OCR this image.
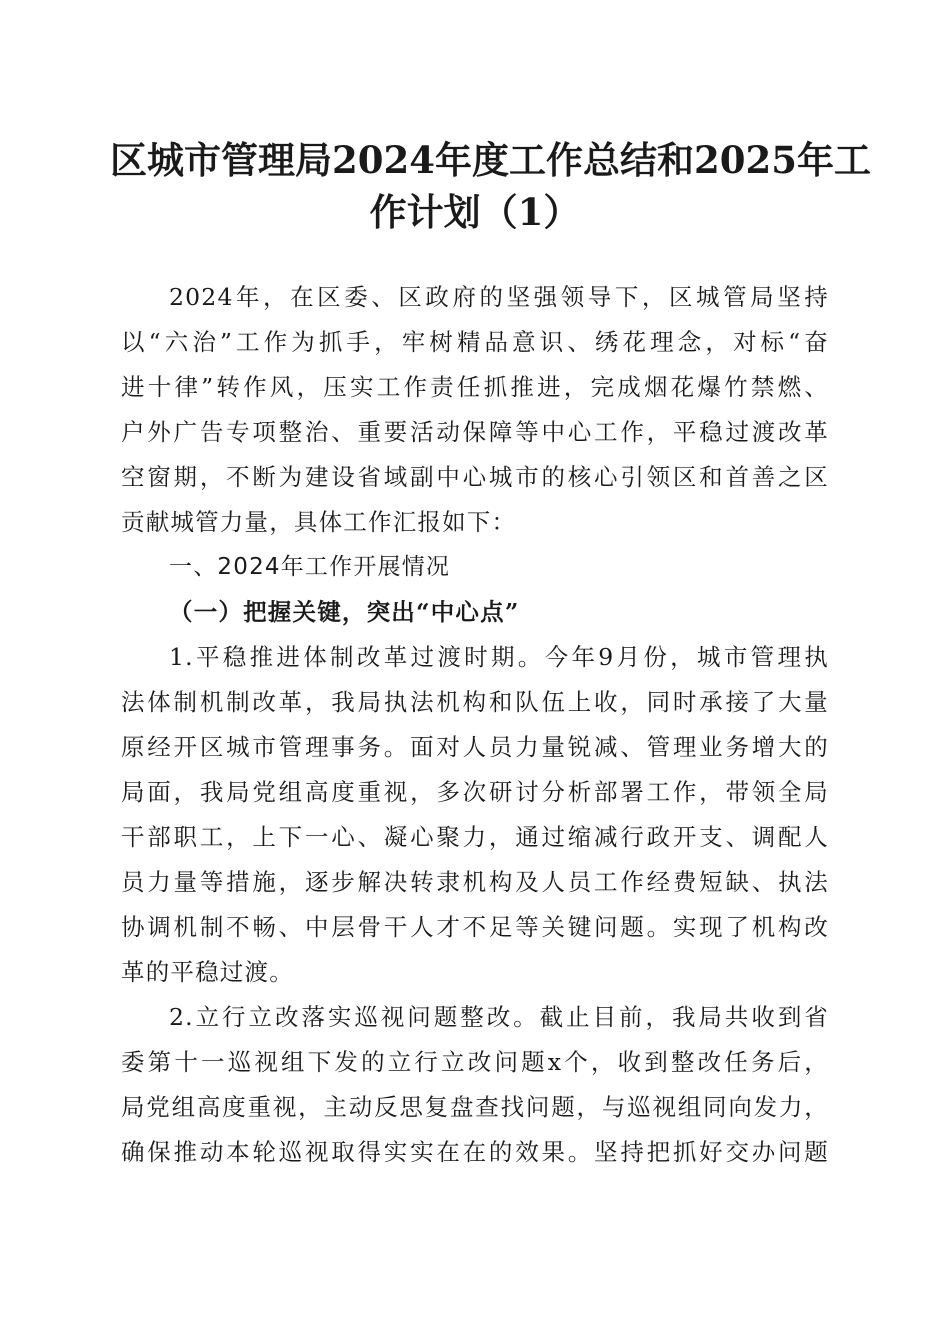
区城市管理局2024年度工作总结和2025年工
作计划（1）
2024年，在区委、区政府的坚强领导下，区城管局坚持
以“六治”工作为抓手，牢树精品意识、绣花理念，对标“奋
进十律”转作风，压实工作责任抓推进，完成烟花爆竹禁燃、
户外广告专项整治、重要活动保障等中心工作，平稳过渡改革
空窗期，不断为建设省域副中心城市的核心引领区和首善之区
贡献城管力量，具体工作汇报如下：
一、2024年工作开展情况
（一）把握关键，突出“中心点”
1.平稳推进体制改革过渡时期。今年9月份，城市管理执
法体制机制改革，我局执法机构和队伍上收，同时承接了大量
原经开区城市管理事务。面对人员力量锐减、管理业务增大的
局面，我局党组高度重视，多次研讨分析部署工作，带领全局
干部职工，上下一心、凝心聚力，通过缩减行政开支、调配人
员力量等措施，逐步解决转隶机构及人员工作经费短缺、执法
协调机制不畅、中层骨干人才不足等关键问题。实现了机构改
革的平稳过渡。
2.立行立改落实巡视问题整改。截止目前，我局共收到省
委第十一巡视组下发的立行立改问题x个，收到整改任务后，
局党组高度重视，主动反思复盘查找问题，与巡视组同向发力，
确保推动本轮巡视取得实实在在的效果。坚持把抓好交办问题
